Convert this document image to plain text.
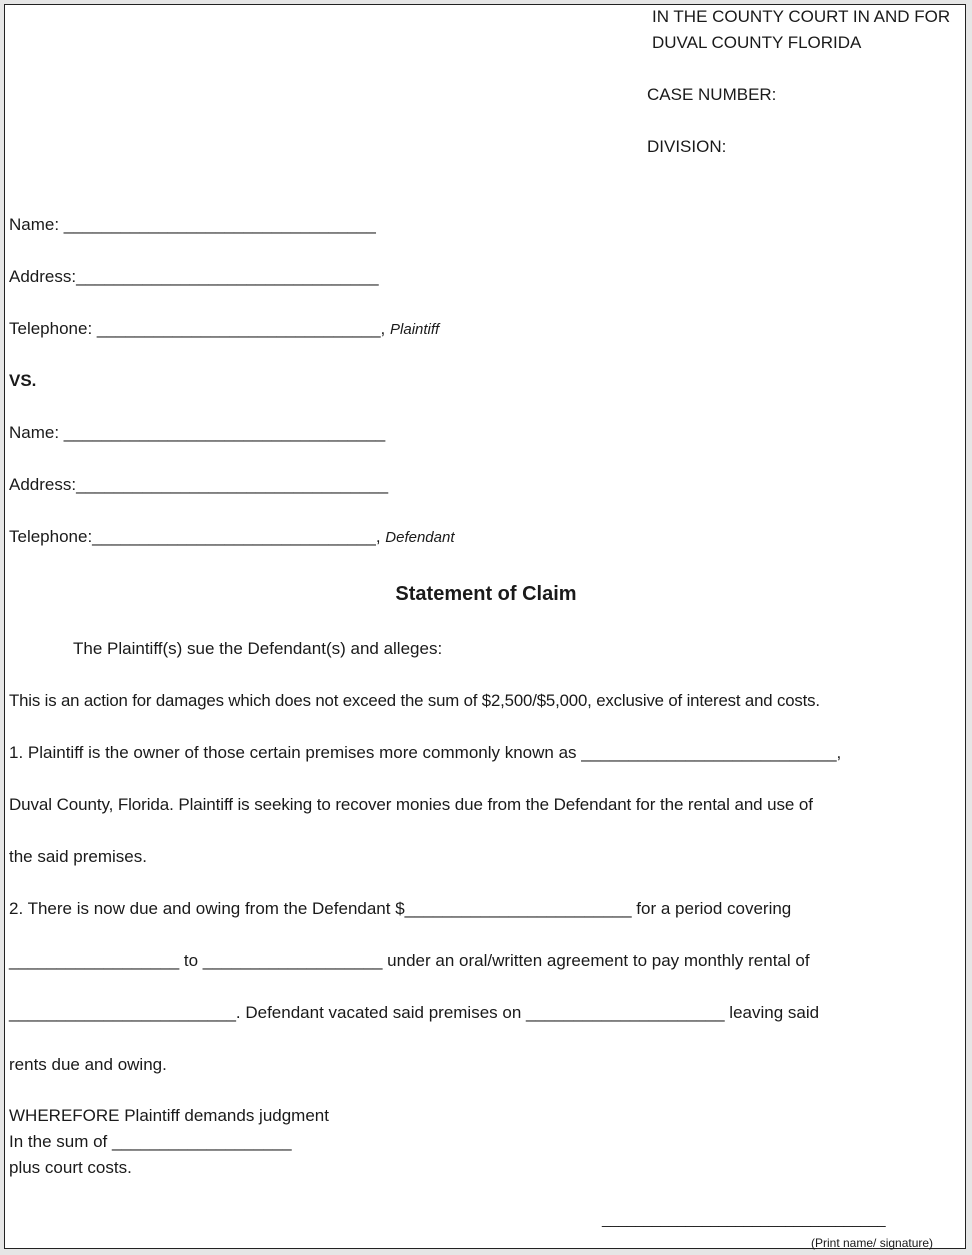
IN THE COUNTY COURT IN AND FOR
DUVAL COUNTY FLORIDA
CASE NUMBER:
DIVISION:
Name: _________________________________
Address:________________________________
Telephone: ______________________________, Plaintiff
VS.
Name: __________________________________
Address:_________________________________
Telephone:______________________________, Defendant
Statement of Claim
The Plaintiff(s) sue the Defendant(s) and alleges:
This is an action for damages which does not exceed the sum of $2,500/$5,000, exclusive of interest and costs.
1. Plaintiff is the owner of those certain premises more commonly known as ___________________________,
Duval County, Florida. Plaintiff is seeking to recover monies due from the Defendant for the rental and use of
the said premises.
2. There is now due and owing from the Defendant $________________________ for a period covering
__________________ to ___________________ under an oral/written agreement to pay monthly rental of
________________________. Defendant vacated said premises on _____________________ leaving said
rents due and owing.
WHEREFORE Plaintiff demands judgment
In the sum of ___________________
plus court costs.
__________________________________
(Print name/ signature)
